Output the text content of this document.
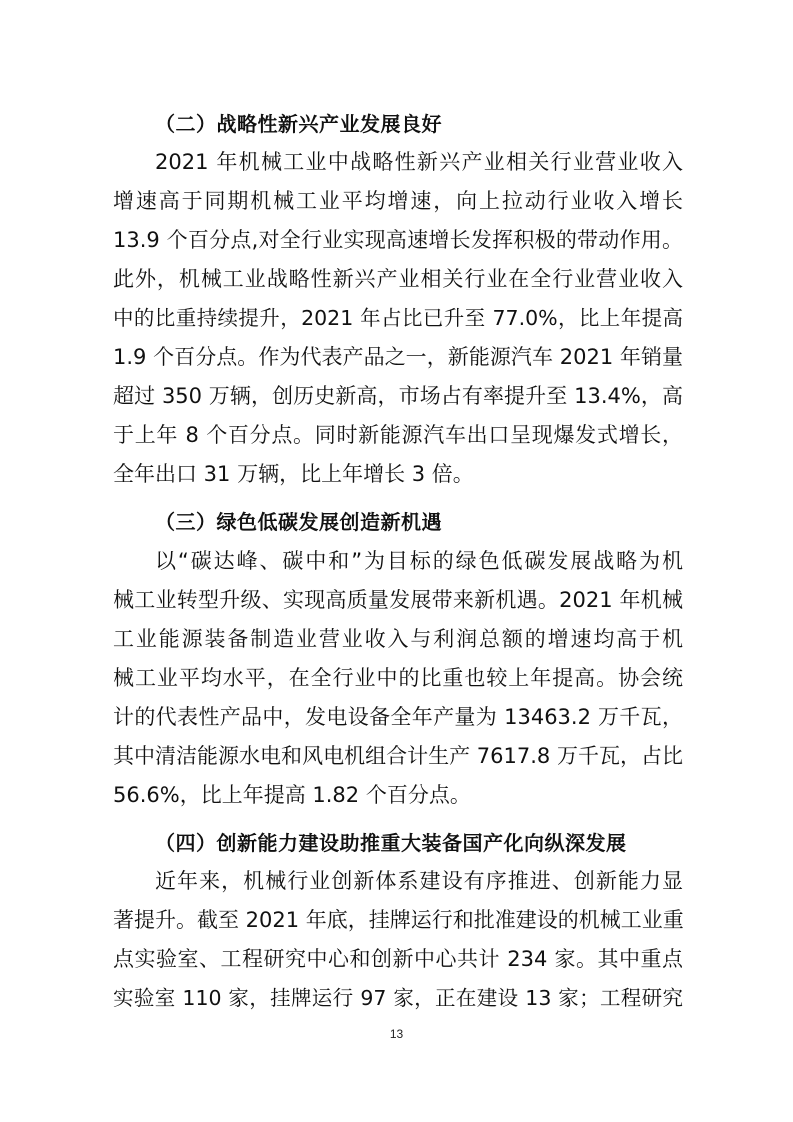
（二）战略性新兴产业发展良好
2021 年机械工业中战略性新兴产业相关行业营业收入
增速高于同期机械工业平均增速，向上拉动行业收入增长
13.9 个百分点,对全行业实现高速增长发挥积极的带动作用。
此外，机械工业战略性新兴产业相关行业在全行业营业收入
中的比重持续提升，2021 年占比已升至 77.0%，比上年提高
1.9 个百分点。作为代表产品之一，新能源汽车 2021 年销量
超过 350 万辆，创历史新高，市场占有率提升至 13.4%，高
于上年 8 个百分点。同时新能源汽车出口呈现爆发式增长，
全年出口 31 万辆，比上年增长 3 倍。
（三）绿色低碳发展创造新机遇
以“碳达峰、碳中和”为目标的绿色低碳发展战略为机
械工业转型升级、实现高质量发展带来新机遇。2021 年机械
工业能源装备制造业营业收入与利润总额的增速均高于机
械工业平均水平，在全行业中的比重也较上年提高。协会统
计的代表性产品中，发电设备全年产量为 13463.2 万千瓦，
其中清洁能源水电和风电机组合计生产 7617.8 万千瓦，占比
56.6%，比上年提高 1.82 个百分点。
（四）创新能力建设助推重大装备国产化向纵深发展
近年来，机械行业创新体系建设有序推进、创新能力显
著提升。截至 2021 年底，挂牌运行和批准建设的机械工业重
点实验室、工程研究中心和创新中心共计 234 家。其中重点
实验室 110 家，挂牌运行 97 家，正在建设 13 家；工程研究
13
